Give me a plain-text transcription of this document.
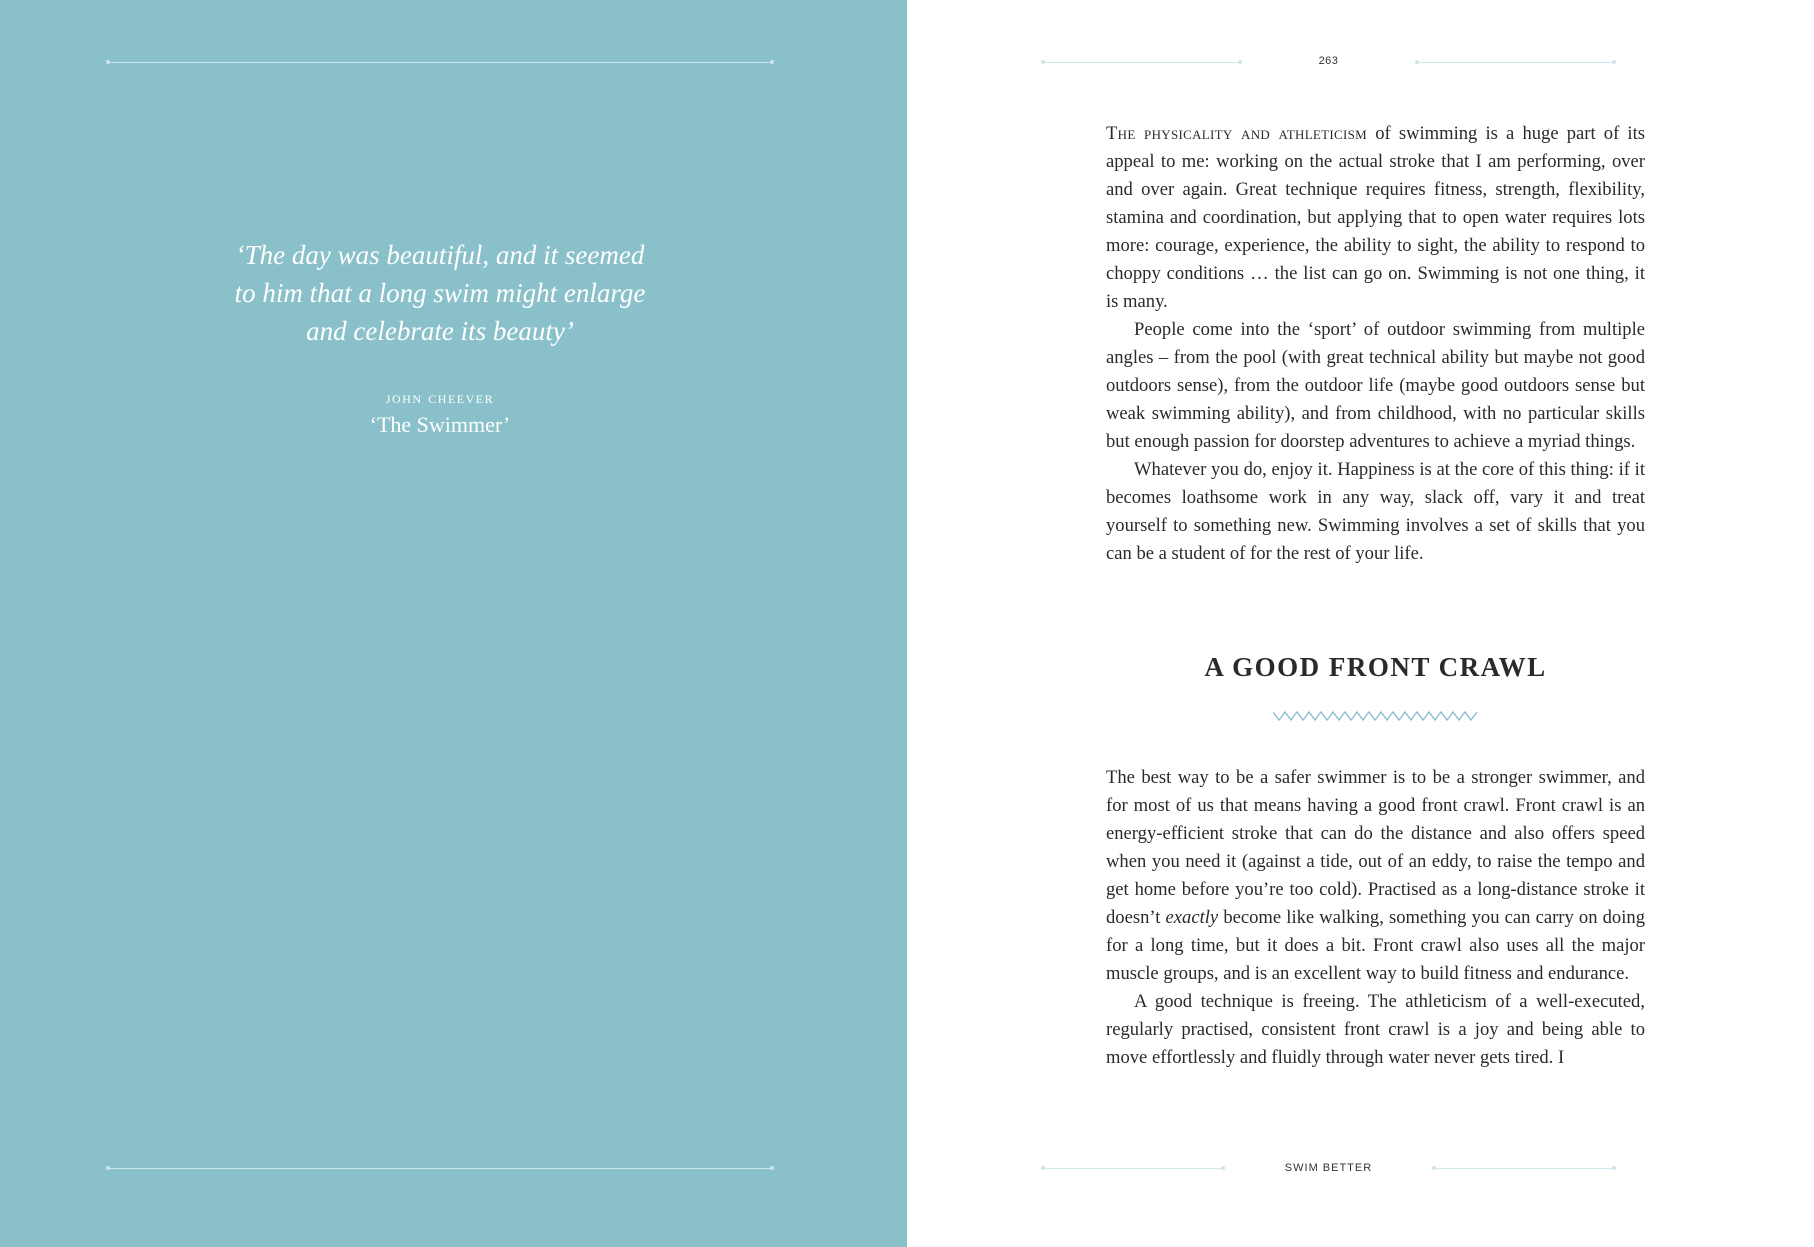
‘The day was beautiful, and it seemed
to him that a long swim might enlarge
and celebrate its beauty’
john cheever
‘The Swimmer’
263

The physicality and athleticism of swimming is a huge part of its appeal to me: working on the actual stroke that I am performing, over and over again. Great technique requires fitness, strength, flexibility, stamina and coordination, but applying that to open water requires lots more: courage, experience, the ability to sight, the ability to respond to choppy conditions … the list can go on. Swimming is not one thing, it is many.

People come into the ‘sport’ of outdoor swimming from multiple angles – from the pool (with great technical ability but maybe not good outdoors sense), from the outdoor life (maybe good outdoors sense but weak swimming ability), and from childhood, with no particular skills but enough passion for doorstep adventures to achieve a myriad things.

Whatever you do, enjoy it. Happiness is at the core of this thing: if it becomes loathsome work in any way, slack off, vary it and treat yourself to something new. Swimming involves a set of skills that you can be a student of for the rest of your life.

A GOOD FRONT CRAWL

The best way to be a safer swimmer is to be a stronger swimmer, and for most of us that means having a good front crawl. Front crawl is an energy-efficient stroke that can do the distance and also offers speed when you need it (against a tide, out of an eddy, to raise the tempo and get home before you’re too cold). Practised as a long-distance stroke it doesn’t exactly become like walking, something you can carry on doing for a long time, but it does a bit. Front crawl also uses all the major muscle groups, and is an excellent way to build fitness and endurance.

A good technique is freeing. The athleticism of a well-executed, regularly practised, consistent front crawl is a joy and being able to move effortlessly and fluidly through water never gets tired. I

SWIM BETTER
